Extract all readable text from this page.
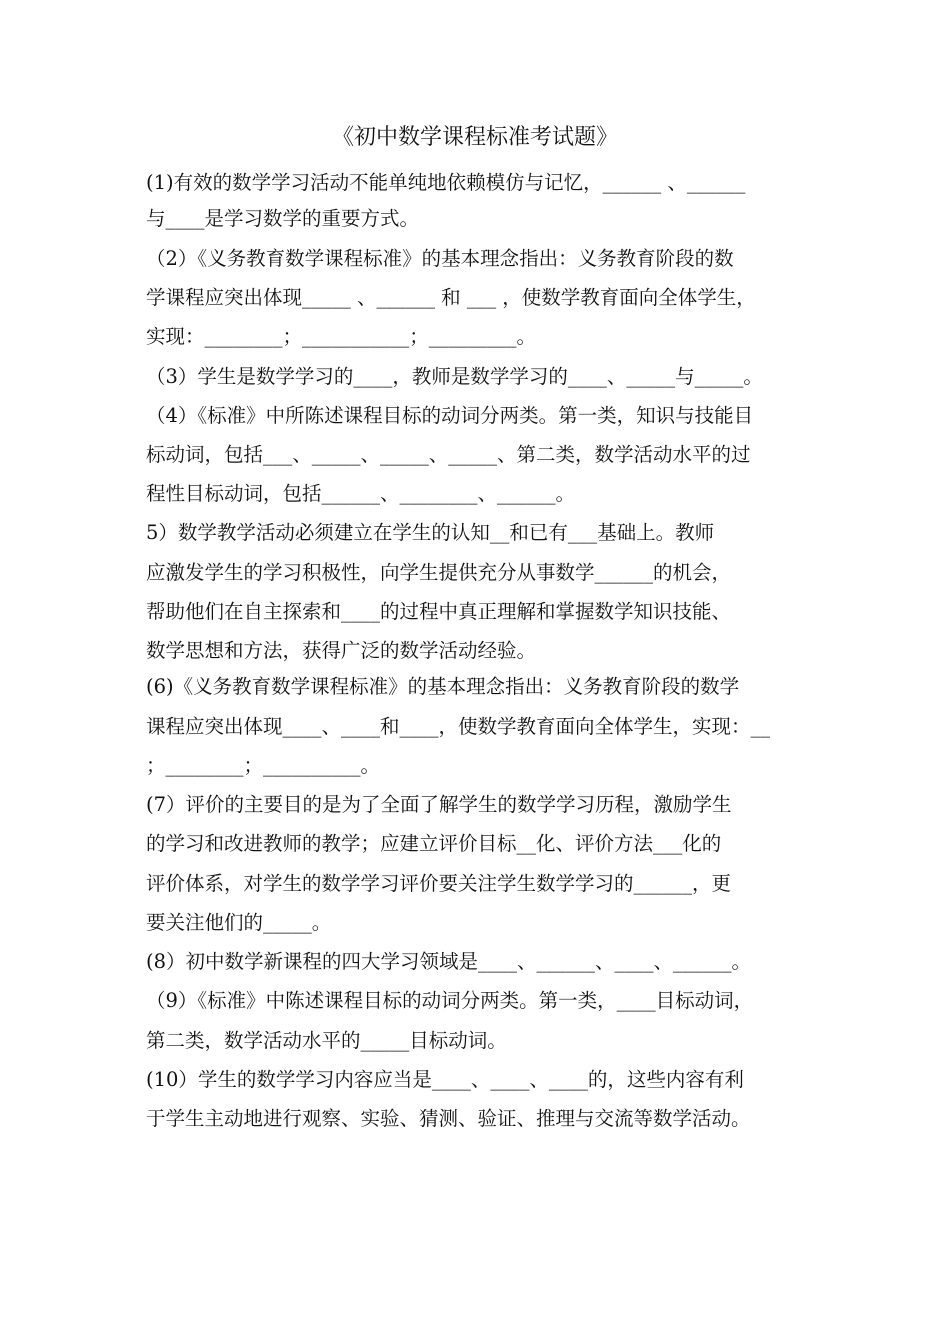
《初中数学课程标准考试题》
(1)有效的数学学习活动不能单纯地依赖模仿与记忆，______ 、______
与____是学习数学的重要方式。
（2）《义务教育数学课程标准》的基本理念指出：义务教育阶段的数
学课程应突出体现_____ 、______ 和 ___ ，使数学教育面向全体学生，
实现：________；___________；_________。
（3）学生是数学学习的____，教师是数学学习的____、_____与_____。
（4）《标准》中所陈述课程目标的动词分两类。第一类，知识与技能目
标动词，包括___、_____、_____、_____、第二类，数学活动水平的过
程性目标动词，包括______、________、______。
5）数学教学活动必须建立在学生的认知__和已有___基础上。教师
应激发学生的学习积极性，向学生提供充分从事数学______的机会，
帮助他们在自主探索和____的过程中真正理解和掌握数学知识技能、
数学思想和方法，获得广泛的数学活动经验。
(6)《义务教育数学课程标准》的基本理念指出：义务教育阶段的数学
课程应突出体现____、____和____，使数学教育面向全体学生，实现：__
；________；__________。
(7）评价的主要目的是为了全面了解学生的数学学习历程，激励学生
的学习和改进教师的教学；应建立评价目标__化、评价方法___化的
评价体系，对学生的数学学习评价要关注学生数学学习的______，更
要关注他们的_____。
(8）初中数学新课程的四大学习领域是____、______、____、______。
（9）《标准》中陈述课程目标的动词分两类。第一类，____目标动词，
第二类，数学活动水平的_____目标动词。
(10）学生的数学学习内容应当是____、____、____的，这些内容有利
于学生主动地进行观察、实验、猜测、验证、推理与交流等数学活动。
